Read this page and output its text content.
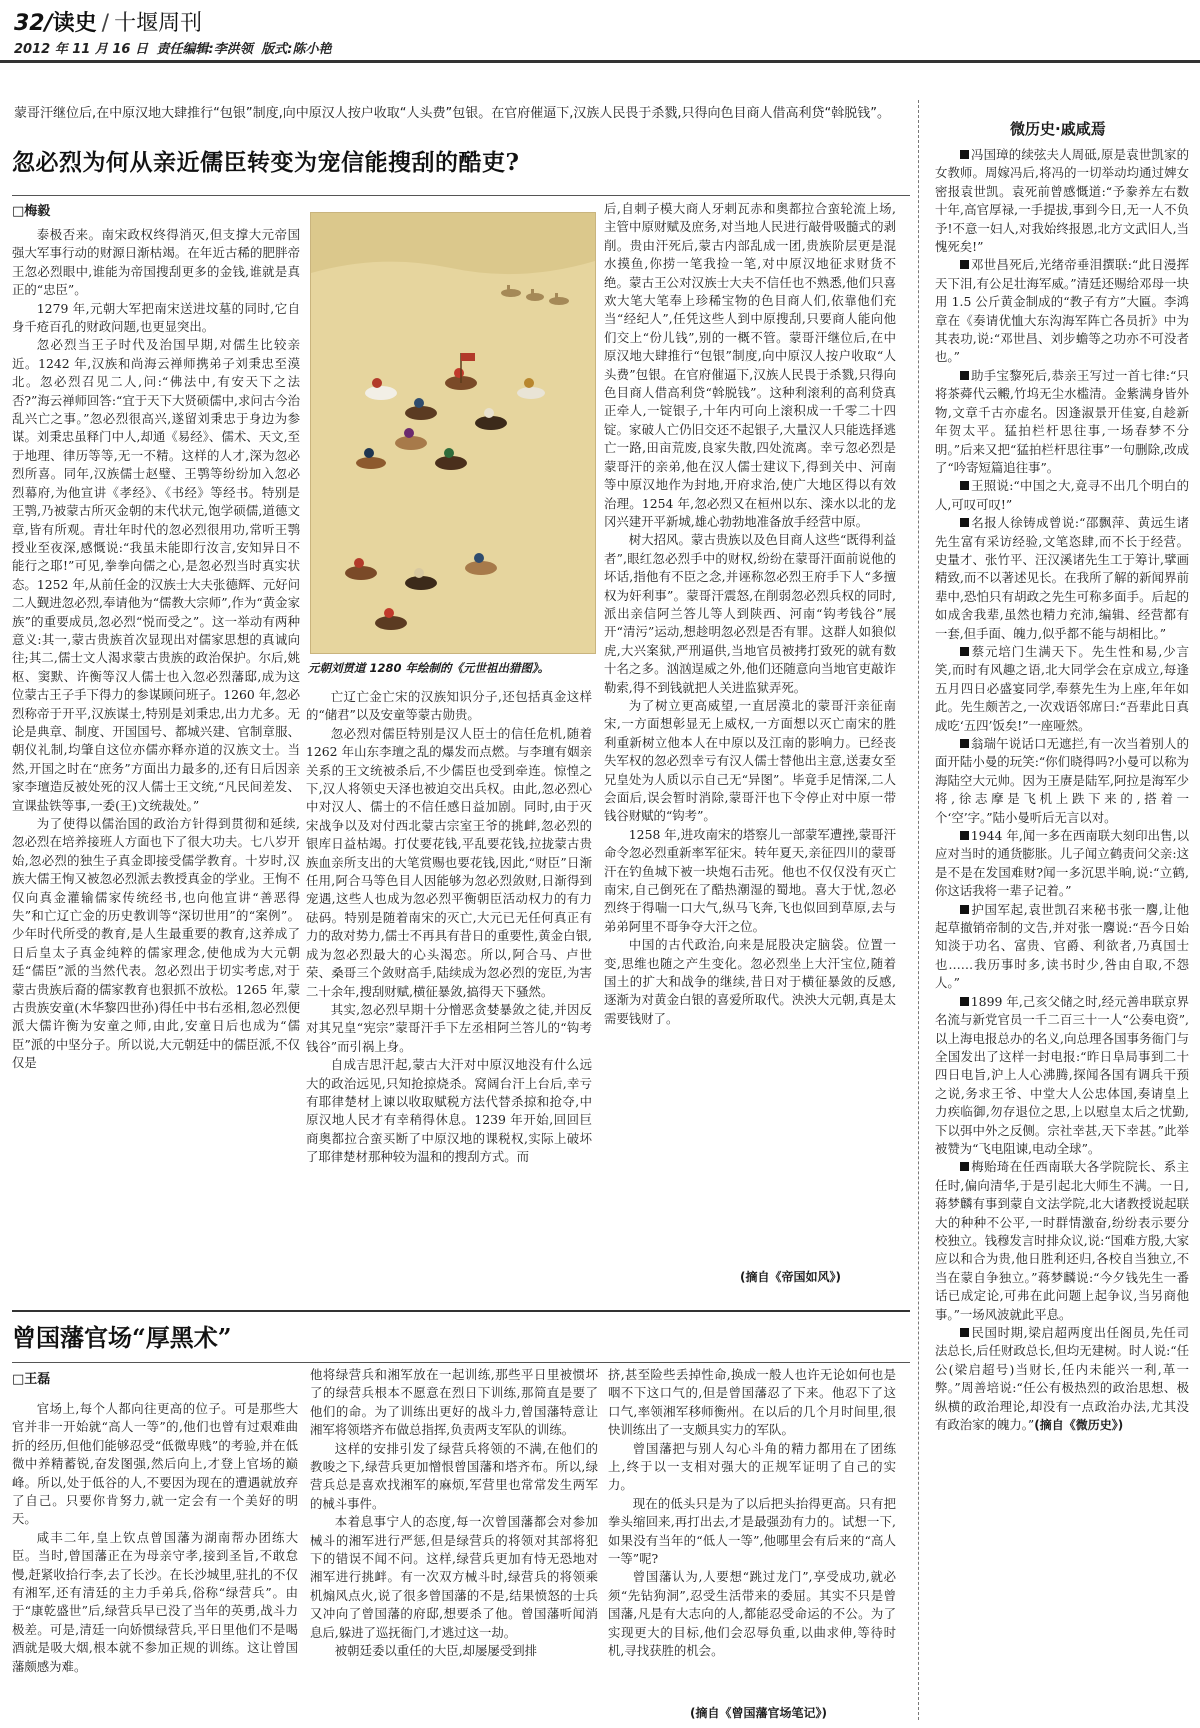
32/读史 / 十堰周刊
2012 年 11 月 16 日 责任编辑:李洪领 版式:陈小艳
蒙哥汗继位后,在中原汉地大肆推行“包银”制度,向中原汉人按户收取“人头费”包银。在官府催逼下,汉族人民畏于杀戮,只得向色目商人借高利贷“斡脱钱”。
忽必烈为何从亲近儒臣转变为宠信能搜刮的酷吏?
□梅毅

泰极否来。南宋政权终得消灭,但支撑大元帝国强大军事行动的财源日渐枯竭。在年近古稀的肥胖帝王忽必烈眼中,谁能为帝国搜刮更多的金钱,谁就是真正的“忠臣”。

1279 年,元朝大军把南宋送进坟墓的同时,它自身千疮百孔的财政问题,也更显突出。

忽必烈当王子时代及治国早期,对儒生比较亲近。1242 年,汉族和尚海云禅师携弟子刘秉忠至漠北。忽必烈召见二人,问:“佛法中,有安天下之法否?”海云禅师回答:“宜于天下大贤硕儒中,求问古今治乱兴亡之事。”忽必烈很高兴,遂留刘秉忠于身边为参谋。刘秉忠虽释门中人,却通《易经》、儒术、天文,至于地理、律历等等,无一不精。这样的人才,深为忽必烈所喜。同年,汉族儒士赵璧、王鹗等纷纷加入忽必烈幕府,为他宣讲《孝经》、《书经》等经书。特别是王鹗,乃被蒙古所灭金朝的末代状元,饱学硕儒,道德文章,皆有所观。青壮年时代的忽必烈很用功,常听王鹗授业至夜深,感慨说:“我虽未能即行汝言,安知异日不能行之耶!”可见,拳拳向儒之心,是忽必烈当时真实状态。1252 年,从前任金的汉族士大夫张德辉、元好问二人觐进忽必烈,奉请他为“儒教大宗师”,作为“黄金家族”的重要成员,忽必烈“悦而受之”。这一举动有两种意义:其一,蒙古贵族首次显现出对儒家思想的真诚向往;其二,儒士文人渴求蒙古贵族的政治保护。尔后,姚枢、窦默、许衡等汉人儒士也入忽必烈藩邸,成为这位蒙古王子手下得力的参谋顾问班子。1260 年,忽必烈称帝于开平,汉族谋士,特别是刘秉忠,出力尤多。无论是典章、制度、开国国号、都城兴建、官制章服、朝仪礼制,均肇自这位亦儒亦释亦道的汉族文士。当然,开国之时在“庶务”方面出力最多的,还有日后因亲家李璮造反被处死的汉人儒士王文统,“凡民间差发、宣课盐铁等事,一委(王)文统裁处。”

为了使得以儒治国的政治方针得到贯彻和延续,忽必烈在培养接班人方面也下了很大功夫。七八岁开始,忽必烈的独生子真金即接受儒学教育。十岁时,汉族大儒王恂又被忽必烈派去教授真金的学业。王恂不仅向真金灌输儒家传统经书,也向他宣讲“善恶得失”和亡辽亡金的历史教训等“深切世用”的“案例”。少年时代所受的教育,是人生最重要的教育,这养成了日后皇太子真金纯粹的儒家理念,使他成为大元朝廷“儒臣”派的当然代表。忽必烈出于切实考虑,对于蒙古贵族后裔的儒家教育也狠抓不放松。1265 年,蒙古贵族安童(木华黎四世孙)得任中书右丞相,忽必烈便派大儒许衡为安童之师,由此,安童日后也成为“儒臣”派的中坚分子。所以说,大元朝廷中的儒臣派,不仅仅是

元朝刘贯道 1280 年绘制的《元世祖出猎图》。

亡辽亡金亡宋的汉族知识分子,还包括真金这样的“储君”以及安童等蒙古勋贵。

忽必烈对儒臣特别是汉人臣士的信任危机,随着 1262 年山东李璮之乱的爆发而点燃。与李璮有姻亲关系的王文统被杀后,不少儒臣也受到牵连。惊惶之下,汉人将领史天泽也被迫交出兵权。由此,忽必烈心中对汉人、儒士的不信任感日益加剧。同时,由于灭宋战争以及对付西北蒙古宗室王爷的挑衅,忽必烈的银库日益枯竭。打仗要花钱,平乱要花钱,拉拢蒙古贵族血亲所支出的大笔赏赐也要花钱,因此,“财臣”日渐任用,阿合马等色目人因能够为忽必烈敛财,日渐得到宠遇,这些人也成为忽必烈平衡朝臣活动权力的有力砝码。特别是随着南宋的灭亡,大元已无任何真正有力的敌对势力,儒士不再具有昔日的重要性,黄金白银,成为忽必烈最大的心头渴恋。所以,阿合马、卢世荣、桑哥三个敛财高手,陆续成为忽必烈的宠臣,为害二十余年,搜刮财赋,横征暴敛,搞得天下骚然。

其实,忽必烈早期十分憎恶贪婪暴敛之徒,并因反对其兄皇“宪宗”蒙哥汗手下左丞相阿兰答儿的“钩考钱谷”而引祸上身。

自成吉思汗起,蒙古大汗对中原汉地没有什么远大的政治远见,只知抢掠烧杀。窝阔台汗上台后,幸亏有耶律楚材上谏以收取赋税方法代替杀掠和抢夺,中原汉地人民才有幸稍得休息。1239 年开始,回回巨商奥都拉合蛮买断了中原汉地的课税权,实际上破坏了耶律楚材那种较为温和的搜刮方式。而

后,自刺子模大商人牙剌瓦赤和奥都拉合蛮轮流上场,主管中原财赋及庶务,对当地人民进行敲骨吸髓式的剥削。贵由汗死后,蒙古内部乱成一团,贵族阶层更是混水摸鱼,你捞一笔我捡一笔,对中原汉地征求财货不绝。蒙古王公对汉族士大夫不信任也不熟悉,他们只喜欢大笔大笔奉上珍稀宝物的色目商人们,依靠他们充当“经纪人”,任凭这些人到中原搜刮,只要商人能向他们交上“份儿钱”,别的一概不管。蒙哥汗继位后,在中原汉地大肆推行“包银”制度,向中原汉人按户收取“人头费”包银。在官府催逼下,汉族人民畏于杀戮,只得向色目商人借高利贷“斡脱钱”。这种利滚利的高利贷真正牵人,一锭银子,十年内可向上滚积成一千零二十四锭。家破人亡仍旧交还不起银子,大量汉人只能选择逃亡一路,田亩荒废,良家失散,四处流离。幸亏忽必烈是蒙哥汗的亲弟,他在汉人儒士建议下,得到关中、河南等中原汉地作为封地,开府求治,使广大地区得以有效治理。1254 年,忽必烈又在桓州以东、滦水以北的龙冈兴建开平新城,雄心勃勃地准备放手经营中原。

树大招风。蒙古贵族以及色目商人这些“既得利益者”,眼红忽必烈手中的财权,纷纷在蒙哥汗面前说他的坏话,指他有不臣之念,并诬称忽必烈王府手下人“多擅权为奸利事”。蒙哥汗震怒,在削弱忽必烈兵权的同时,派出亲信阿兰答儿等人到陕西、河南“钩考钱谷”展开“清污”运动,想趁明忽必烈是否有罪。这群人如狼似虎,大兴案狱,严刑逼供,当地官员被拷打致死的就有数十名之多。汹汹逞威之外,他们还随意向当地官吏敲诈勒索,得不到钱就把人关进监狱弄死。

为了树立更高威望,一直居漠北的蒙哥汗亲征南宋,一方面想彰显无上威权,一方面想以灭亡南宋的胜利重新树立他本人在中原以及江南的影响力。已经丧失军权的忽必烈幸亏有汉人儒士替他出主意,送妻女至兄皇处为人质以示自己无“异图”。毕竟手足情深,二人会面后,误会暂时消除,蒙哥汗也下令停止对中原一带钱谷财赋的“钩考”。

1258 年,进攻南宋的塔察儿一部蒙军遭挫,蒙哥汗命令忽必烈重新率军征宋。转年夏天,亲征四川的蒙哥汗在钓鱼城下被一块炮石击死。他也不仅仅没有灭亡南宋,自己倒死在了酷热潮湿的蜀地。喜大于忧,忽必烈终于得喘一口大气,纵马飞奔,飞也似回到草原,去与弟弟阿里不哥争夺大汗之位。

中国的古代政治,向来是屁股决定脑袋。位置一变,思维也随之产生变化。忽必烈坐上大汗宝位,随着国土的扩大和战争的继续,昔日对于横征暴敛的反感,逐渐为对黄金白银的喜爱所取代。泱泱大元朝,真是太需要钱财了。

(摘自《帝国如风》)
曾国藩官场“厚黑术”
□王磊

官场上,每个人都向往更高的位子。可是那些大官并非一开始就“高人一等”的,他们也曾有过艰难曲折的经历,但他们能够忍受“低微卑贱”的考验,并在低微中养精蓄锐,奋发图强,然后向上,才登上官场的巅峰。所以,处于低谷的人,不要因为现在的遭遇就放弃了自己。只要你肯努力,就一定会有一个美好的明天。

咸丰二年,皇上钦点曾国藩为湖南帮办团练大臣。当时,曾国藩正在为母亲守孝,接到圣旨,不敢怠慢,赶紧收拾行李,去了长沙。在长沙城里,驻扎的不仅有湘军,还有清廷的主力手弟兵,俗称“绿营兵”。由于“康乾盛世”后,绿营兵早已没了当年的英勇,战斗力极差。可是,清廷一向娇惯绿营兵,平日里他们不是喝酒就是吸大烟,根本就不参加正规的训练。这让曾国藩颇感为难。

他将绿营兵和湘军放在一起训练,那些平日里被惯坏了的绿营兵根本不愿意在烈日下训练,那简直是要了他们的命。为了训练出更好的战斗力,曾国藩特意让湘军将领塔齐布做总指挥,负责两支军队的训练。

这样的安排引发了绿营兵将领的不满,在他们的教唆之下,绿营兵更加憎恨曾国藩和塔齐布。所以,绿营兵总是喜欢找湘军的麻烦,军营里也常常发生两军的械斗事件。

本着息事宁人的态度,每一次曾国藩都会对参加械斗的湘军进行严惩,但是绿营兵的将领对其部将犯下的错误不闻不问。这样,绿营兵更加有恃无恐地对湘军进行挑衅。有一次双方械斗时,绿营兵的将领乘机煽风点火,说了很多曾国藩的不是,结果愤怒的士兵又冲向了曾国藩的府邸,想要杀了他。曾国藩听闻消息后,躲进了巡抚衙门,才逃过这一劫。

被朝廷委以重任的大臣,却屡屡受到排

挤,甚至险些丢掉性命,换成一般人也许无论如何也是咽不下这口气的,但是曾国藩忍了下来。他忍下了这口气,率领湘军移师衡州。在以后的几个月时间里,很快训练出了一支颇具实力的军队。

曾国藩把与别人勾心斗角的精力都用在了团练上,终于以一支相对强大的正规军证明了自己的实力。

现在的低头只是为了以后把头抬得更高。只有把拳头缩回来,再打出去,才是最强劲有力的。试想一下,如果没有当年的“低人一等”,他哪里会有后来的“高人一等”呢?

曾国藩认为,人要想“跳过龙门”,享受成功,就必须“先钻狗洞”,忍受生活带来的委屈。其实不只是曾国藩,凡是有大志向的人,都能忍受命运的不公。为了实现更大的目标,他们会忍辱负重,以曲求伸,等待时机,寻找获胜的机会。

(摘自《曾国藩官场笔记》)
微历史·戚咸焉

冯国璋的续弦夫人周砥,原是袁世凯家的女教师。周嫁冯后,将冯的一切举动均通过婢女密报袁世凯。袁死前曾感慨道:“予豢养左右数十年,高官厚禄,一手提拔,事到今日,无一人不负予!不意一妇人,对我始终报恩,北方文武旧人,当愧死矣!”

邓世昌死后,光绪帝垂泪撰联:“此日漫挥天下泪,有公足壮海军威。”清廷还赐给邓母一块用 1.5 公斤黄金制成的“教子有方”大匾。李鸿章在《奏请优恤大东沟海军阵亡各员折》中为其表功,说:“邓世昌、刘步蟾等之功亦不可没者也。”

助手宝黎死后,恭亲王写过一首七律:“只将茶蕣代云毈,竹坞无尘水槛清。金紫满身皆外物,文章千古亦虚名。因逢淑景开佳宴,自趁新年贺太平。猛拍栏杆思往事,一场春梦不分明。”后来又把“猛拍栏杆思往事”一句删除,改成了“吟寄短篇追往事”。

王照说:“中国之大,竟寻不出几个明白的人,可叹可叹!”

名报人徐铸成曾说:“邵飘萍、黄远生诸先生富有采访经验,文笔恣肆,而不长于经营。史量才、张竹平、汪汉溪诸先生工于筹计,擘画精致,而不以著述见长。在我所了解的新闻界前辈中,恐怕只有胡政之先生可称多面手。后起的如成舍我辈,虽然也精力充沛,编辑、经营都有一套,但手面、魄力,似乎都不能与胡相比。”

蔡元培门生满天下。先生性和易,少言笑,而时有风趣之语,北大同学会在京成立,每逢五月四日必盛宴同学,奉蔡先生为上座,年年如此。先生颇苦之,一次戏语邻席曰:“吾辈此日真成吃‘五四’饭矣!”一座哑然。

翁瑞午说话口无遮拦,有一次当着别人的面开陆小曼的玩笑:“你们晓得吗?小曼可以称为海陆空大元帅。因为王赓是陆军,阿拉是海军少将,徐志摩是飞机上跌下来的,搭着一个‘空’字。”陆小曼听后无言以对。

1944 年,闻一多在西南联大刻印出售,以应对当时的通货膨胀。儿子闻立鹤责问父亲:这是不是在发国难财?闻一多沉思半晌,说:“立鹤,你这话我将一辈子记着。”

护国军起,袁世凯召来秘书张一麐,让他起草撤销帝制的文告,并对张一麐说:“吾今日始知淡于功名、富贵、官爵、利欲者,乃真国士也……我历事时多,读书时少,咎由自取,不怨人。”

1899 年,己亥父储之时,经元善串联京界名流与新党官员一千二百三十一人“公奏电资”,以上海电报总办的名义,向总理各国事务衙门与全国发出了这样一封电报:“昨日阜局事到二十四日电旨,沪上人心沸腾,探闻各国有调兵干预之说,务求王爷、中堂大人公忠体国,奏请皇上力疾临御,勿存退位之思,上以慰皇太后之忧勤,下以弭中外之反侧。宗社幸甚,天下幸甚。”此举被赞为“飞电阻谏,电动全球”。

梅贻琦在任西南联大各学院院长、系主任时,偏向清华,于是引起北大师生不满。一日,蒋梦麟有事到蒙自文法学院,北大诸教授说起联大的种种不公平,一时群情激奋,纷纷表示要分校独立。钱穆发言时排众议,说:“国难方殷,大家应以和合为贵,他日胜利还归,各校自当独立,不当在蒙自争独立。”蒋梦麟说:“今夕钱先生一番话已成定论,可弗在此问题上起争议,当另商他事。”一场风波就此平息。

民国时期,梁启超两度出任阁员,先任司法总长,后任财政总长,但均无建树。时人说:“任公(梁启超号)当财长,任内未能兴一利,革一弊。”周善培说:“任公有极热烈的政治思想、极纵横的政治理论,却没有一点政治办法,尤其没有政治家的魄力。”(摘自《微历史》)
